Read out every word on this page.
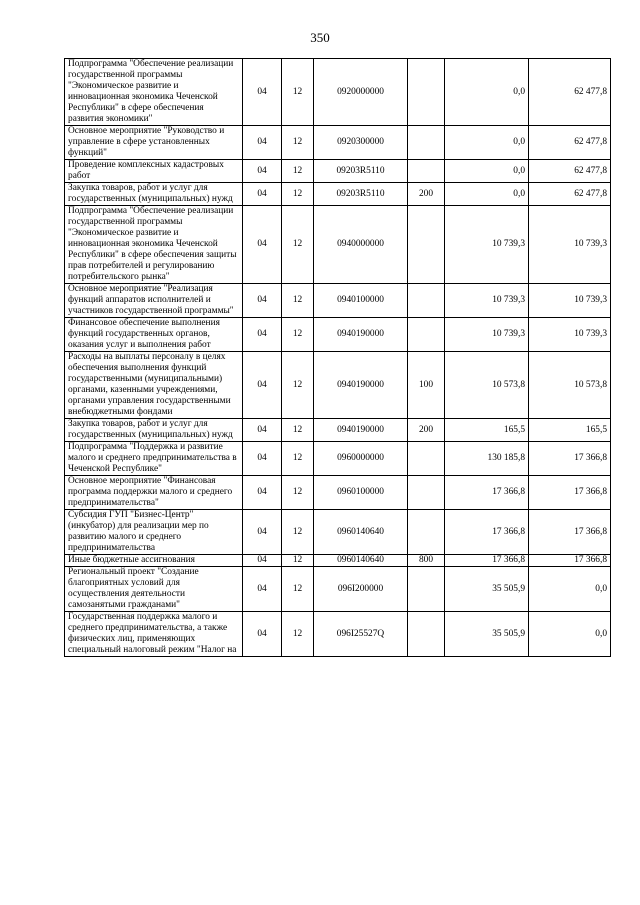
350
Подпрограмма "Обеспечение реализации государственной программы "Экономическое развитие и инновационная экономика Чеченской Республики" в сфере обеспечения развития экономики"	04	12	0920000000		0,0	62 477,8
Основное мероприятие "Руководство и управление в сфере установленных функций"	04	12	0920300000		0,0	62 477,8
Проведение комплексных кадастровых работ	04	12	09203R5110		0,0	62 477,8
Закупка товаров, работ и услуг для государственных (муниципальных) нужд	04	12	09203R5110	200	0,0	62 477,8
Подпрограмма "Обеспечение реализации государственной программы "Экономическое развитие и инновационная экономика Чеченской Республики" в сфере обеспечения защиты прав потребителей и регулированию потребительского рынка"	04	12	0940000000		10 739,3	10 739,3
Основное мероприятие "Реализация функций аппаратов исполнителей и участников государственной программы"	04	12	0940100000		10 739,3	10 739,3
Финансовое обеспечение выполнения функций государственных органов, оказания услуг и выполнения работ	04	12	0940190000		10 739,3	10 739,3
Расходы на выплаты персоналу в целях обеспечения выполнения функций государственными (муниципальными) органами, казенными учреждениями, органами управления государственными внебюджетными фондами	04	12	0940190000	100	10 573,8	10 573,8
Закупка товаров, работ и услуг для государственных (муниципальных) нужд	04	12	0940190000	200	165,5	165,5
Подпрограмма "Поддержка и развитие малого и среднего предпринимательства в Чеченской Республике"	04	12	0960000000		130 185,8	17 366,8
Основное мероприятие "Финансовая программа поддержки малого и среднего предпринимательства"	04	12	0960100000		17 366,8	17 366,8
Субсидия ГУП "Бизнес-Центр" (инкубатор) для реализации мер по развитию малого и среднего предпринимательства	04	12	0960140640		17 366,8	17 366,8
Иные бюджетные ассигнования	04	12	0960140640	800	17 366,8	17 366,8
Региональный проект "Создание благоприятных условий для осуществления деятельности самозанятыми гражданами"	04	12	096I200000		35 505,9	0,0
Государственная поддержка малого и среднего предпринимательства, а также физических лиц, применяющих специальный налоговый режим "Налог на	04	12	096I25527Q		35 505,9	0,0
